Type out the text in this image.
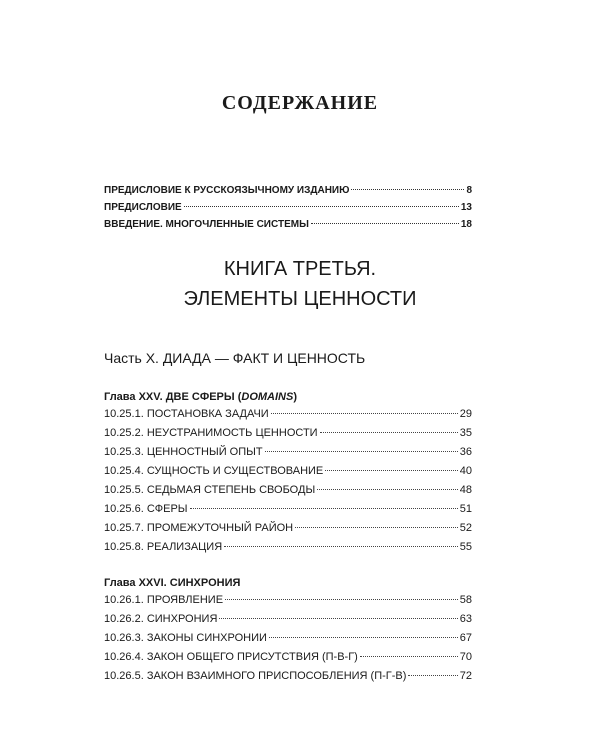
СОДЕРЖАНИЕ
ПРЕДИСЛОВИЕ К РУССКОЯЗЫЧНОМУ ИЗДАНИЮ	8
ПРЕДИСЛОВИЕ	13
ВВЕДЕНИЕ. МНОГОЧЛЕННЫЕ СИСТЕМЫ	18
КНИГА ТРЕТЬЯ.
ЭЛЕМЕНТЫ ЦЕННОСТИ
Часть X. ДИАДА — ФАКТ И ЦЕННОСТЬ
Глава XXV. ДВЕ СФЕРЫ (DOMAINS)
10.25.1. ПОСТАНОВКА ЗАДАЧИ	29
10.25.2. НЕУСТРАНИМОСТЬ ЦЕННОСТИ	35
10.25.3. ЦЕННОСТНЫЙ ОПЫТ	36
10.25.4. СУЩНОСТЬ И СУЩЕСТВОВАНИЕ	40
10.25.5. СЕДЬМАЯ СТЕПЕНЬ СВОБОДЫ	48
10.25.6. СФЕРЫ	51
10.25.7. ПРОМЕЖУТОЧНЫЙ РАЙОН	52
10.25.8. РЕАЛИЗАЦИЯ	55
Глава XXVI. СИНХРОНИЯ
10.26.1. ПРОЯВЛЕНИЕ	58
10.26.2. СИНХРОНИЯ	63
10.26.3. ЗАКОНЫ СИНХРОНИИ	67
10.26.4. ЗАКОН ОБЩЕГО ПРИСУТСТВИЯ (П-В-Г)	70
10.26.5. ЗАКОН ВЗАИМНОГО ПРИСПОСОБЛЕНИЯ (П-Г-В)	72
